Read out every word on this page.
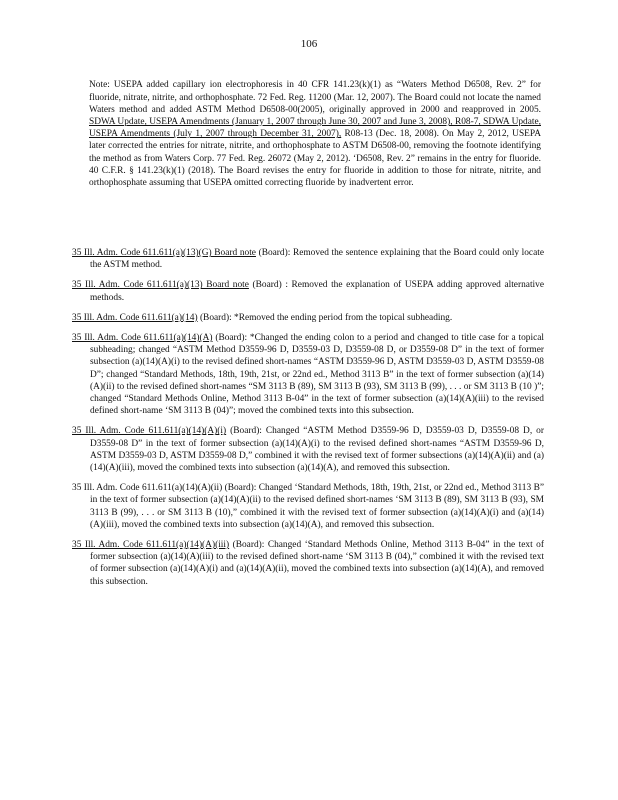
106

Note: USEPA added capillary ion electrophoresis in 40 CFR 141.23(k)(1) as “Waters Method D6508, Rev. 2” for fluoride, nitrate, nitrite, and orthophosphate. 72 Fed. Reg. 11200 (Mar. 12, 2007). The Board could not locate the named Waters method and added ASTM Method D6508-00(2005), originally approved in 2000 and reapproved in 2005. SDWA Update, USEPA Amendments (January 1, 2007 through June 30, 2007 and June 3, 2008), R08-7, SDWA Update, USEPA Amendments (July 1, 2007 through December 31, 2007), R08-13 (Dec. 18, 2008). On May 2, 2012, USEPA later corrected the entries for nitrate, nitrite, and orthophosphate to ASTM D6508-00, removing the footnote identifying the method as from Waters Corp. 77 Fed. Reg. 26072 (May 2, 2012). ‘D6508, Rev. 2” remains in the entry for fluoride. 40 C.F.R. § 141.23(k)(1) (2018). The Board revises the entry for fluoride in addition to those for nitrate, nitrite, and orthophosphate assuming that USEPA omitted correcting fluoride by inadvertent error.

35 Ill. Adm. Code 611.611(a)(13)(G) Board note (Board): Removed the sentence explaining that the Board could only locate the ASTM method.

35 Ill. Adm. Code 611.611(a)(13) Board note (Board) : Removed the explanation of USEPA adding approved alternative methods.

35 Ill. Adm. Code 611.611(a)(14) (Board): *Removed the ending period from the topical subheading.

35 Ill. Adm. Code 611.611(a)(14)(A) (Board): *Changed the ending colon to a period and changed to title case for a topical subheading; changed “ASTM Method D3559-96 D, D3559-03 D, D3559-08 D, or D3559-08 D” in the text of former subsection (a)(14)(A)(i) to the revised defined short-names “ASTM D3559-96 D, ASTM D3559-03 D, ASTM D3559-08 D”; changed “Standard Methods, 18th, 19th, 21st, or 22nd ed., Method 3113 B” in the text of former subsection (a)(14)(A)(ii) to the revised defined short-names “SM 3113 B (89), SM 3113 B (93), SM 3113 B (99), . . . or SM 3113 B (10 )”; changed “Standard Methods Online, Method 3113 B-04” in the text of former subsection (a)(14)(A)(iii) to the revised defined short-name ‘SM 3113 B (04)”; moved the combined texts into this subsection.

35 Ill. Adm. Code 611.611(a)(14)(A)(i) (Board): Changed “ASTM Method D3559-96 D, D3559-03 D, D3559-08 D, or D3559-08 D” in the text of former subsection (a)(14)(A)(i) to the revised defined short-names “ASTM D3559-96 D, ASTM D3559-03 D, ASTM D3559-08 D,” combined it with the revised text of former subsections (a)(14)(A)(ii) and (a)(14)(A)(iii), moved the combined texts into subsection (a)(14)(A), and removed this subsection.

35 Ill. Adm. Code 611.611(a)(14)(A)(ii) (Board): Changed ‘Standard Methods, 18th, 19th, 21st, or 22nd ed., Method 3113 B” in the text of former subsection (a)(14)(A)(ii) to the revised defined short-names ‘SM 3113 B (89), SM 3113 B (93), SM 3113 B (99), . . . or SM 3113 B (10),” combined it with the revised text of former subsection (a)(14)(A)(i) and (a)(14)(A)(iii), moved the combined texts into subsection (a)(14)(A), and removed this subsection.

35 Ill. Adm. Code 611.611(a)(14)(A)(iii) (Board): Changed ‘Standard Methods Online, Method 3113 B-04” in the text of former subsection (a)(14)(A)(iii) to the revised defined short-name ‘SM 3113 B (04),” combined it with the revised text of former subsection (a)(14)(A)(i) and (a)(14)(A)(ii), moved the combined texts into subsection (a)(14)(A), and removed this subsection.
